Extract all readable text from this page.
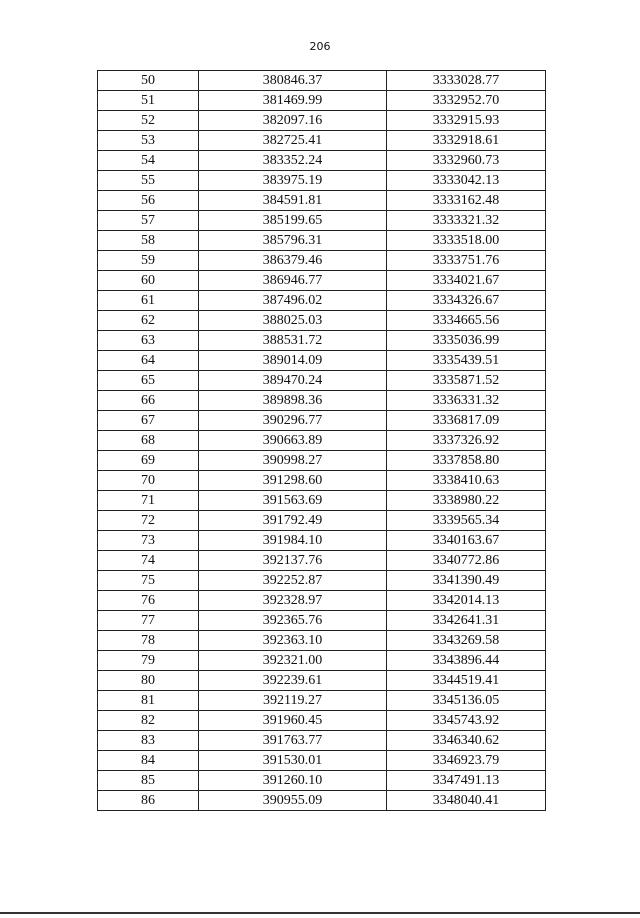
206
50	380846.37	3333028.77
51	381469.99	3332952.70
52	382097.16	3332915.93
53	382725.41	3332918.61
54	383352.24	3332960.73
55	383975.19	3333042.13
56	384591.81	3333162.48
57	385199.65	3333321.32
58	385796.31	3333518.00
59	386379.46	3333751.76
60	386946.77	3334021.67
61	387496.02	3334326.67
62	388025.03	3334665.56
63	388531.72	3335036.99
64	389014.09	3335439.51
65	389470.24	3335871.52
66	389898.36	3336331.32
67	390296.77	3336817.09
68	390663.89	3337326.92
69	390998.27	3337858.80
70	391298.60	3338410.63
71	391563.69	3338980.22
72	391792.49	3339565.34
73	391984.10	3340163.67
74	392137.76	3340772.86
75	392252.87	3341390.49
76	392328.97	3342014.13
77	392365.76	3342641.31
78	392363.10	3343269.58
79	392321.00	3343896.44
80	392239.61	3344519.41
81	392119.27	3345136.05
82	391960.45	3345743.92
83	391763.77	3346340.62
84	391530.01	3346923.79
85	391260.10	3347491.13
86	390955.09	3348040.41
